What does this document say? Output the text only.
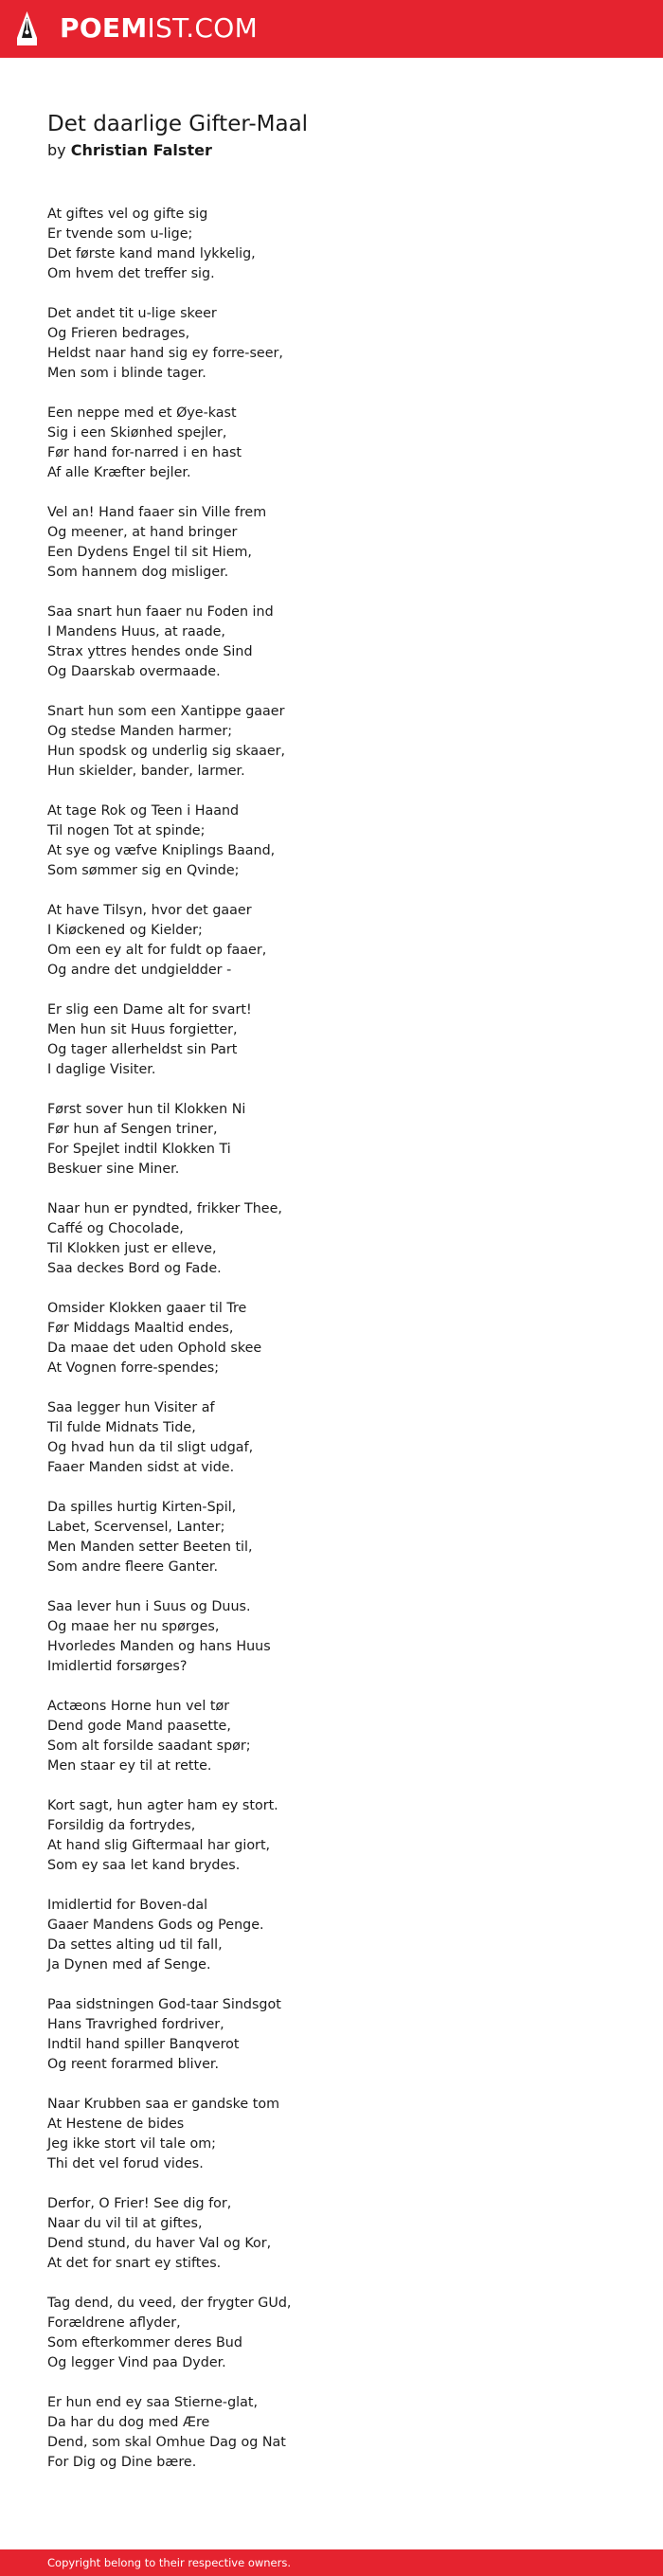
POEMIST.COM
Det daarlige Gifter-Maal
by Christian Falster
At giftes vel og gifte sig
Er tvende som u-lige;
Det første kand mand lykkelig,
Om hvem det treffer sig.
Det andet tit u-lige skeer
Og Frieren bedrages,
Heldst naar hand sig ey forre-seer,
Men som i blinde tager.
Een neppe med et Øye-kast
Sig i een Skiønhed spejler,
Før hand for-narred i en hast
Af alle Kræfter bejler.
Vel an! Hand faaer sin Ville frem
Og meener, at hand bringer
Een Dydens Engel til sit Hiem,
Som hannem dog misliger.
Saa snart hun faaer nu Foden ind
I Mandens Huus, at raade,
Strax yttres hendes onde Sind
Og Daarskab overmaade.
Snart hun som een Xantippe gaaer
Og stedse Manden harmer;
Hun spodsk og underlig sig skaaer,
Hun skielder, bander, larmer.
At tage Rok og Teen i Haand
Til nogen Tot at spinde;
At sye og væfve Kniplings Baand,
Som sømmer sig en Qvinde;
At have Tilsyn, hvor det gaaer
I Kiøckened og Kielder;
Om een ey alt for fuldt op faaer,
Og andre det undgieldder -
Er slig een Dame alt for svart!
Men hun sit Huus forgietter,
Og tager allerheldst sin Part
I daglige Visiter.
Først sover hun til Klokken Ni
Før hun af Sengen triner,
For Spejlet indtil Klokken Ti
Beskuer sine Miner.
Naar hun er pyndted, frikker Thee,
Caffé og Chocolade,
Til Klokken just er elleve,
Saa deckes Bord og Fade.
Omsider Klokken gaaer til Tre
Før Middags Maaltid endes,
Da maae det uden Ophold skee
At Vognen forre-spendes;
Saa legger hun Visiter af
Til fulde Midnats Tide,
Og hvad hun da til sligt udgaf,
Faaer Manden sidst at vide.
Da spilles hurtig Kirten-Spil,
Labet, Scervensel, Lanter;
Men Manden setter Beeten til,
Som andre fleere Ganter.
Saa lever hun i Suus og Duus.
Og maae her nu spørges,
Hvorledes Manden og hans Huus
Imidlertid forsørges?
Actæons Horne hun vel tør
Dend gode Mand paasette,
Som alt forsilde saadant spør;
Men staar ey til at rette.
Kort sagt, hun agter ham ey stort.
Forsildig da fortrydes,
At hand slig Giftermaal har giort,
Som ey saa let kand brydes.
Imidlertid for Boven-dal
Gaaer Mandens Gods og Penge.
Da settes alting ud til fall,
Ja Dynen med af Senge.
Paa sidstningen God-taar Sindsgot
Hans Travrighed fordriver,
Indtil hand spiller Banqverot
Og reent forarmed bliver.
Naar Krubben saa er gandske tom
At Hestene de bides
Jeg ikke stort vil tale om;
Thi det vel forud vides.
Derfor, O Frier! See dig for,
Naar du vil til at giftes,
Dend stund, du haver Val og Kor,
At det for snart ey stiftes.
Tag dend, du veed, der frygter GUd,
Forældrene aflyder,
Som efterkommer deres Bud
Og legger Vind paa Dyder.
Er hun end ey saa Stierne-glat,
Da har du dog med Ære
Dend, som skal Omhue Dag og Nat
For Dig og Dine bære.
Copyright belong to their respective owners.
